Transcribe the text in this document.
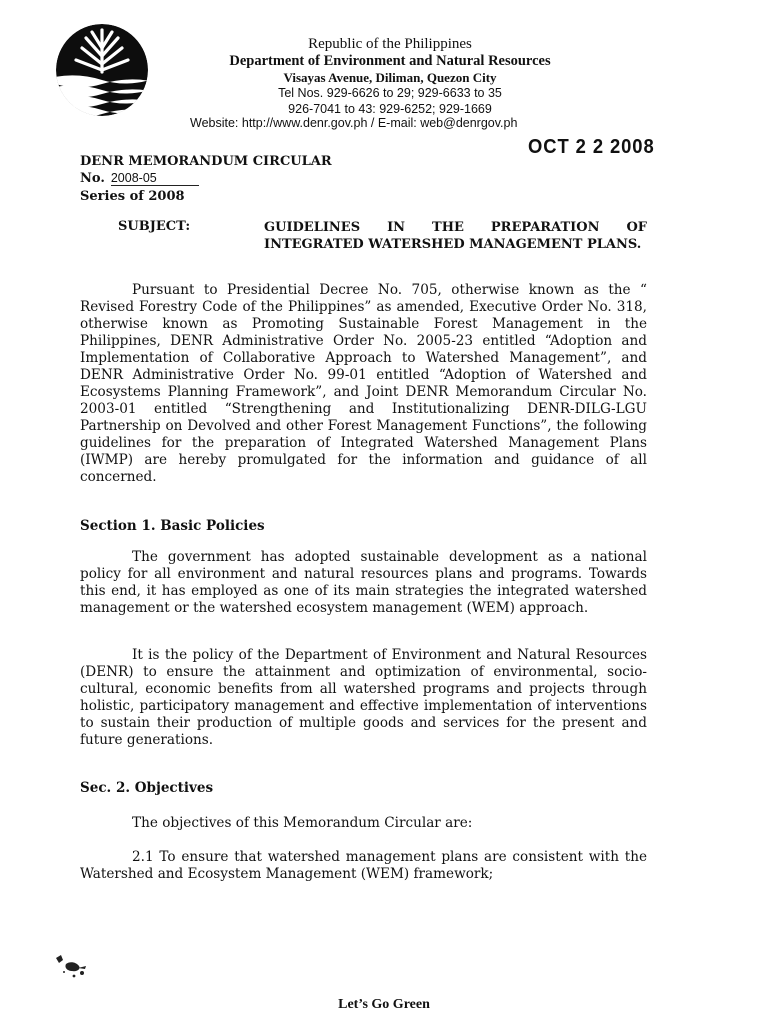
Republic of the Philippines
Department of Environment and Natural Resources
Visayas Avenue, Diliman, Quezon City
Tel Nos. 929-6626 to 29; 929-6633 to 35
926-7041 to 43: 929-6252; 929-1669
Website: http://www.denr.gov.ph / E-mail: web@denrgov.ph
OCT 2 2 2008
DENR MEMORANDUM CIRCULAR
No. 2008-05
Series of 2008
SUBJECT:	GUIDELINES IN THE PREPARATION OF INTEGRATED WATERSHED MANAGEMENT PLANS.
Pursuant to Presidential Decree No. 705, otherwise known as the “ Revised Forestry Code of the Philippines” as amended, Executive Order No. 318, otherwise known as Promoting Sustainable Forest Management in the Philippines, DENR Administrative Order No. 2005-23 entitled “Adoption and Implementation of Collaborative Approach to Watershed Management”, and DENR Administrative Order No. 99-01 entitled “Adoption of Watershed and Ecosystems Planning Framework”, and Joint DENR Memorandum Circular No. 2003-01 entitled “Strengthening and Institutionalizing DENR-DILG-LGU Partnership on Devolved and other Forest Management Functions”, the following guidelines for the preparation of Integrated Watershed Management Plans (IWMP) are hereby promulgated for the information and guidance of all concerned.
Section 1. Basic Policies
The government has adopted sustainable development as a national policy for all environment and natural resources plans and programs. Towards this end, it has employed as one of its main strategies the integrated watershed management or the watershed ecosystem management (WEM) approach.
It is the policy of the Department of Environment and Natural Resources (DENR) to ensure the attainment and optimization of environmental, socio-cultural, economic benefits from all watershed programs and projects through holistic, participatory management and effective implementation of interventions to sustain their production of multiple goods and services for the present and future generations.
Sec. 2. Objectives
The objectives of this Memorandum Circular are:
2.1 To ensure that watershed management plans are consistent with the Watershed and Ecosystem Management (WEM) framework;
Let’s Go Green
